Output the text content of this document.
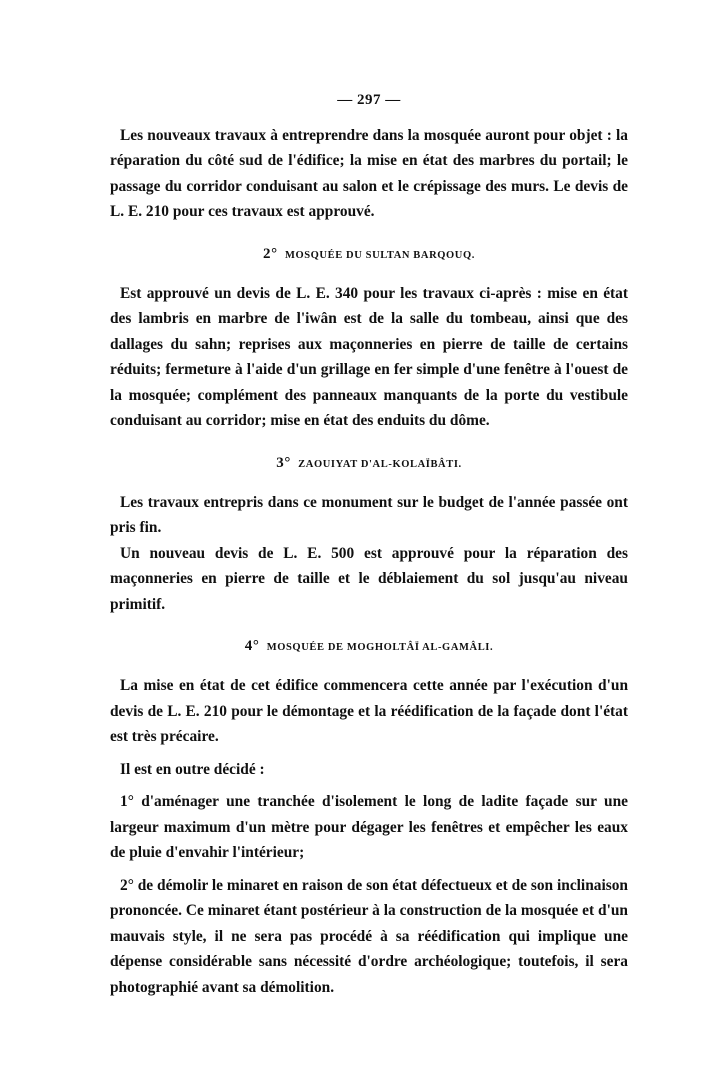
— 297 —

Les nouveaux travaux à entreprendre dans la mosquée auront pour objet : la réparation du côté sud de l'édifice; la mise en état des marbres du portail; le passage du corridor conduisant au salon et le crépissage des murs. Le devis de L. E. 210 pour ces travaux est approuvé.

2° MOSQUÉE DU SULTAN BARQOUQ.

Est approuvé un devis de L. E. 340 pour les travaux ci-après : mise en état des lambris en marbre de l'iwân est de la salle du tombeau, ainsi que des dallages du sahn; reprises aux maçonneries en pierre de taille de certains réduits; fermeture à l'aide d'un grillage en fer simple d'une fenêtre à l'ouest de la mosquée; complément des panneaux manquants de la porte du vestibule conduisant au corridor; mise en état des enduits du dôme.

3° ZAOUIYAT D'AL-KOLAÏBÂTI.

Les travaux entrepris dans ce monument sur le budget de l'année passée ont pris fin.

Un nouveau devis de L. E. 500 est approuvé pour la réparation des maçonneries en pierre de taille et le déblaiement du sol jusqu'au niveau primitif.

4° MOSQUÉE DE MOGHOLTÂÏ AL-GAMÂLI.

La mise en état de cet édifice commencera cette année par l'exécution d'un devis de L. E. 210 pour le démontage et la réédification de la façade dont l'état est très précaire.

Il est en outre décidé :

1° d'aménager une tranchée d'isolement le long de ladite façade sur une largeur maximum d'un mètre pour dégager les fenêtres et empêcher les eaux de pluie d'envahir l'intérieur;

2° de démolir le minaret en raison de son état défectueux et de son inclinaison prononcée. Ce minaret étant postérieur à la construction de la mosquée et d'un mauvais style, il ne sera pas procédé à sa réédification qui implique une dépense considérable sans nécessité d'ordre archéologique; toutefois, il sera photographié avant sa démolition.
